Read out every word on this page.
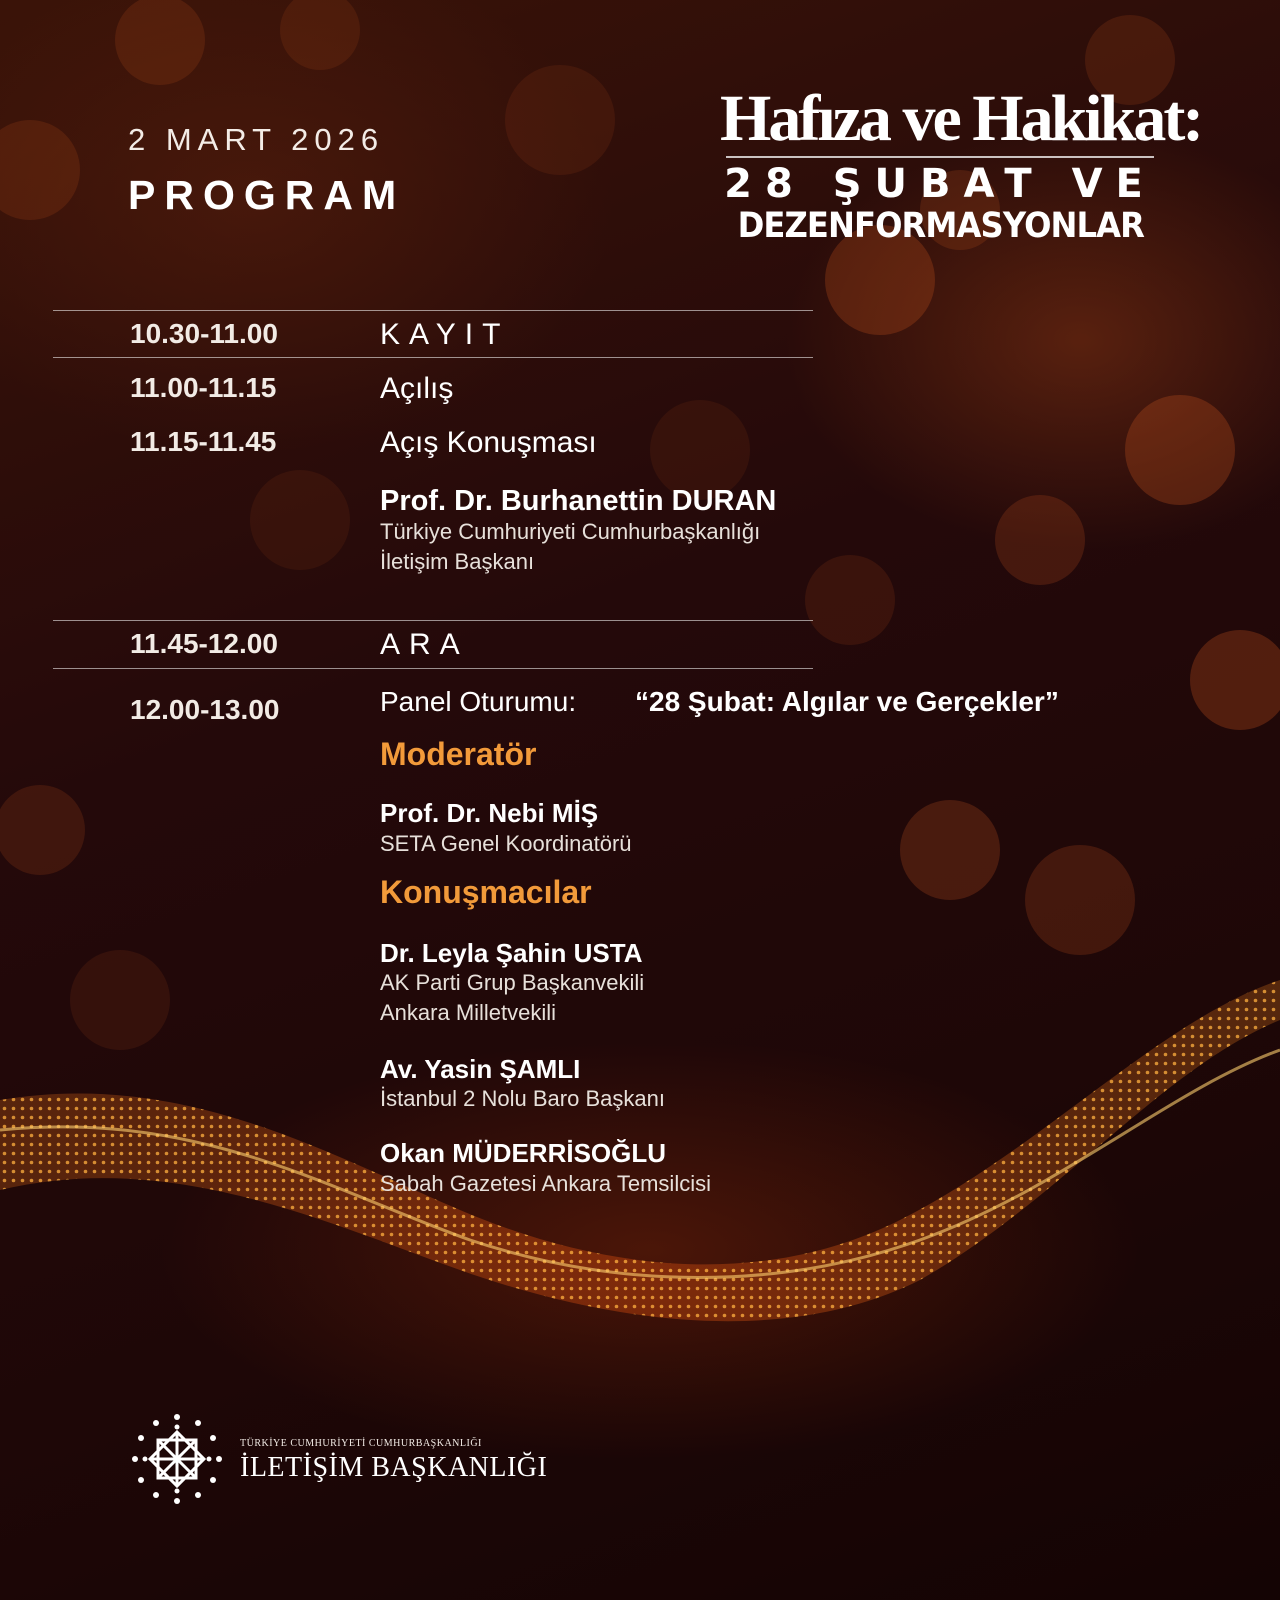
2 MART 2026
PROGRAM
Hafıza ve Hakikat:
28 ŞUBAT VE
DEZENFORMASYONLAR
10.30-11.00	KAYIT
11.00-11.15	Açılış
11.15-11.45	Açış Konuşması
Prof. Dr. Burhanettin DURAN
Türkiye Cumhuriyeti Cumhurbaşkanlığı
İletişim Başkanı
11.45-12.00	ARA
12.00-13.00	Panel Oturumu: “28 Şubat: Algılar ve Gerçekler”
Moderatör
Prof. Dr. Nebi MİŞ
SETA Genel Koordinatörü
Konuşmacılar
Dr. Leyla Şahin USTA
AK Parti Grup Başkanvekili
Ankara Milletvekili
Av. Yasin ŞAMLI
İstanbul 2 Nolu Baro Başkanı
Okan MÜDERRİSOĞLU
Sabah Gazetesi Ankara Temsilcisi
TÜRKİYE CUMHURİYETİ CUMHURBAŞKANLIĞI
İLETİŞİM BAŞKANLIĞI
